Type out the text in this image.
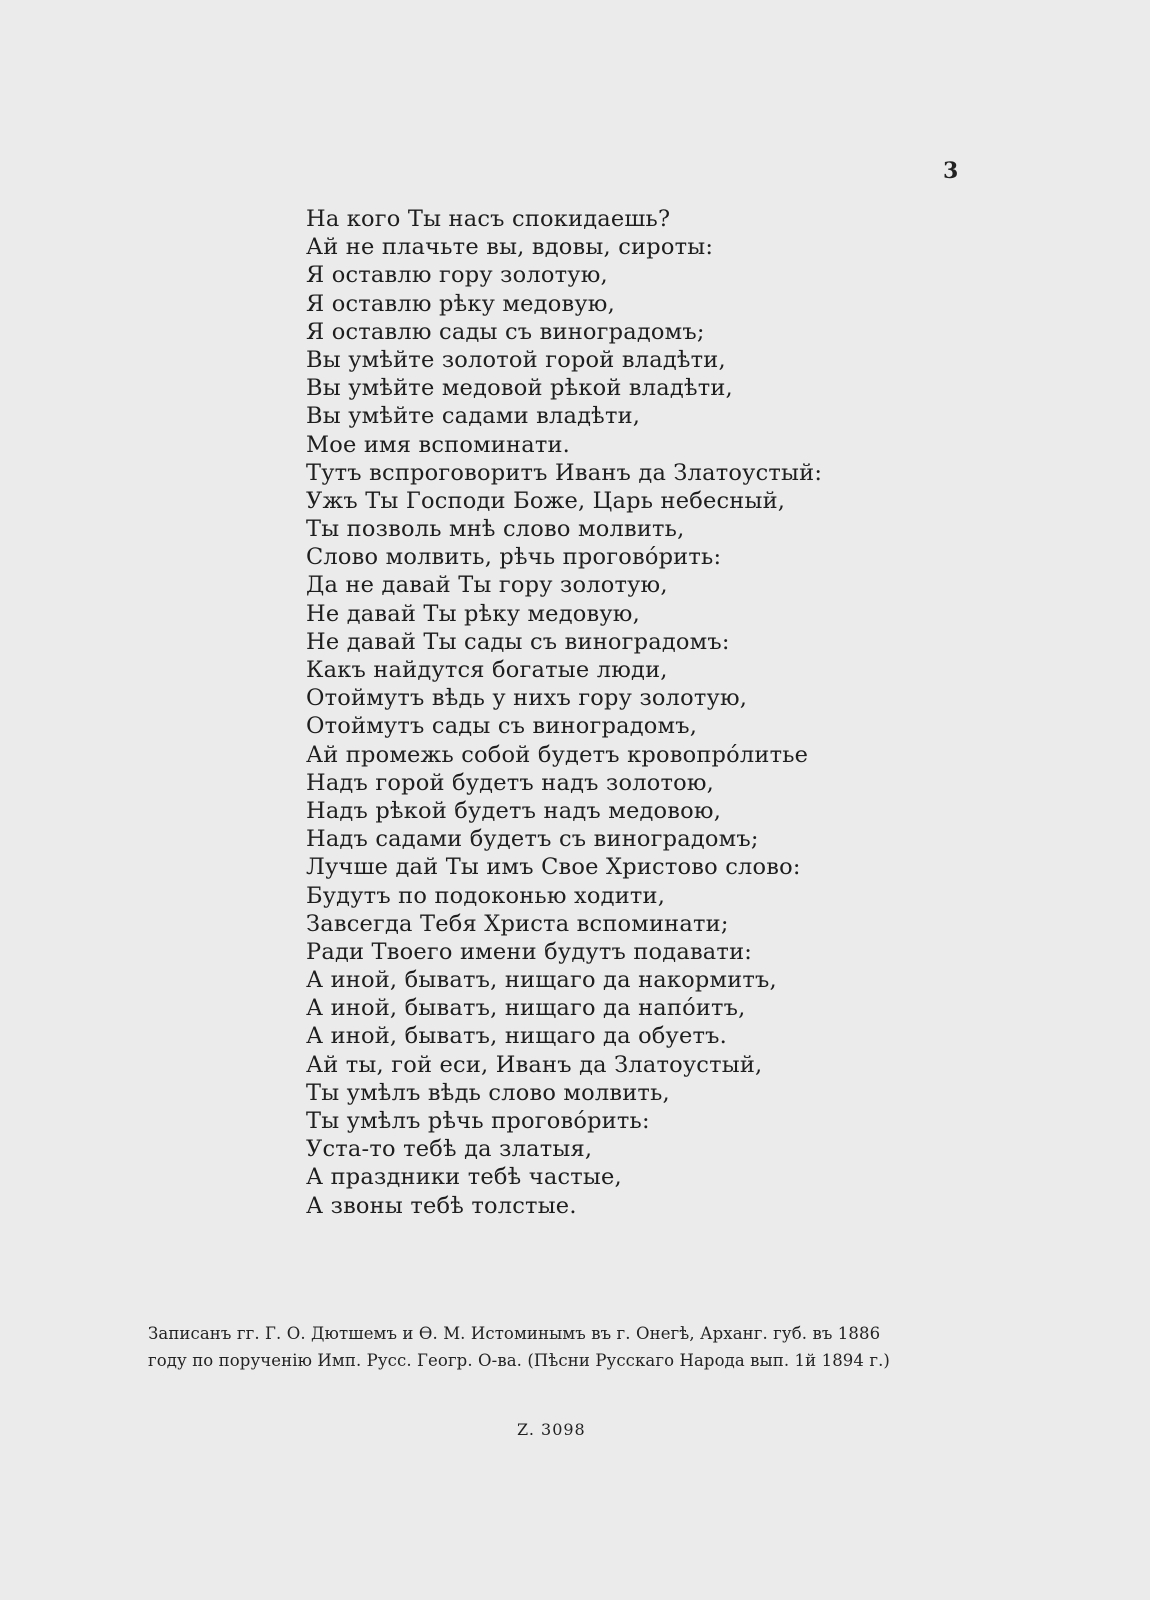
3
На кого Ты насъ спокидаешь?
Ай не плачьте вы, вдовы, сироты:
Я оставлю гору золотую,
Я оставлю рѣку медовую,
Я оставлю сады съ виноградомъ;
Вы умѣйте золотой горой владѣти,
Вы умѣйте медовой рѣкой владѣти,
Вы умѣйте садами владѣти,
Мое имя вспоминати.
Тутъ вспроговоритъ Иванъ да Златоустый:
Ужъ Ты Господи Боже, Царь небесный,
Ты позволь мнѣ слово молвить,
Слово молвить, рѣчь проговóрить:
Да не давай Ты гору золотую,
Не давай Ты рѣку медовую,
Не давай Ты сады съ виноградомъ:
Какъ найдутся богатые люди,
Отоймутъ вѣдь у нихъ гору золотую,
Отоймутъ сады съ виноградомъ,
Ай промежь собой будетъ кровопрóлитье
Надъ горой будетъ надъ золотою,
Надъ рѣкой будетъ надъ медовою,
Надъ садами будетъ съ виноградомъ;
Лучше дай Ты имъ Свое Христово слово:
Будутъ по подоконью ходити,
Завсегда Тебя Христа вспоминати;
Ради Твоего имени будутъ подавати:
А иной, быватъ, нищаго да накормитъ,
А иной, быватъ, нищаго да напóитъ,
А иной, быватъ, нищаго да обуетъ.
Ай ты, гой еси, Иванъ да Златоустый,
Ты умѣлъ вѣдь слово молвить,
Ты умѣлъ рѣчь проговóрить:
Уста-то тебѣ да златыя,
А праздники тебѣ частые,
А звоны тебѣ толстые.
Записанъ гг. Г. О. Дютшемъ и Ѳ. М. Истоминымъ въ г. Онегѣ, Арханг. губ. въ 1886
году по порученію Имп. Русс. Геогр. О-ва. (Пѣсни Русскаго Народа вып. 1й 1894 г.)
Z. 3098
